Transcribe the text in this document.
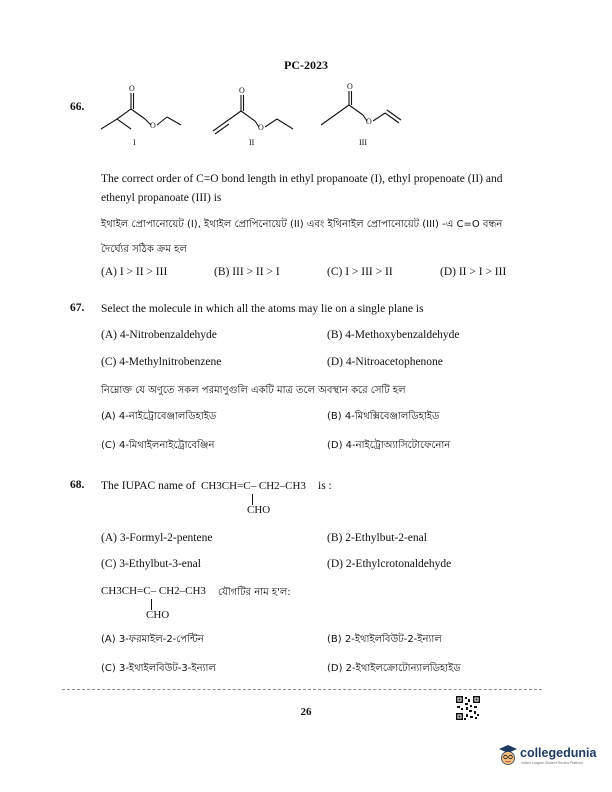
PC-2023
66.
O
O
O
O
O
O
I	II	III
The correct order of C=O bond length in ethyl propanoate (I), ethyl propenoate (II) and
ethenyl propanoate (III) is
ইথাইল প্রোপানোয়েট (I), ইথাইল প্রোপিনোয়েট (II) এবং ইথিনাইল প্রোপানোয়েট (III) -এ C=O বন্ধন
দৈর্ঘ্যের সঠিক ক্রম হল
(A) I > II > III	(B) III > II > I	(C) I > III > II	(D) II > I > III
67. Select the molecule in which all the atoms may lie on a single plane is
(A) 4-Nitrobenzaldehyde	(B) 4-Methoxybenzaldehyde
(C) 4-Methylnitrobenzene	(D) 4-Nitroacetophenone
নিম্নোক্ত যে অণুতে সকল পরমাণুগুলি একটি মাত্র তলে অবস্থান করে সেটি হল
(A) 4-নাইট্রোবেঞ্জালডিহাইড	(B) 4-মিথক্সিবেঞ্জালডিহাইড
(C) 4-মিথাইলনাইট্রোবেঞ্জিন	(D) 4-নাইট্রোঅ্যাসিটোফেনোন
68. The IUPAC name of CH3CH=C– CH2–CH3 is :
CHO
(A) 3-Formyl-2-pentene	(B) 2-Ethylbut-2-enal
(C) 3-Ethylbut-3-enal	(D) 2-Ethylcrotonaldehyde
CH3CH=C– CH2–CH3 যৌগটির নাম হ'ল:
CHO
(A) 3-ফরমাইল-2-পেন্টিন	(B) 2-ইথাইলবিউট-2-ইন্যাল
(C) 3-ইথাইলবিউট-3-ইন্যাল	(D) 2-ইথাইলক্রোটোন্যালডিহাইড
26
collegedunia
India's Largest Student Review Platform
